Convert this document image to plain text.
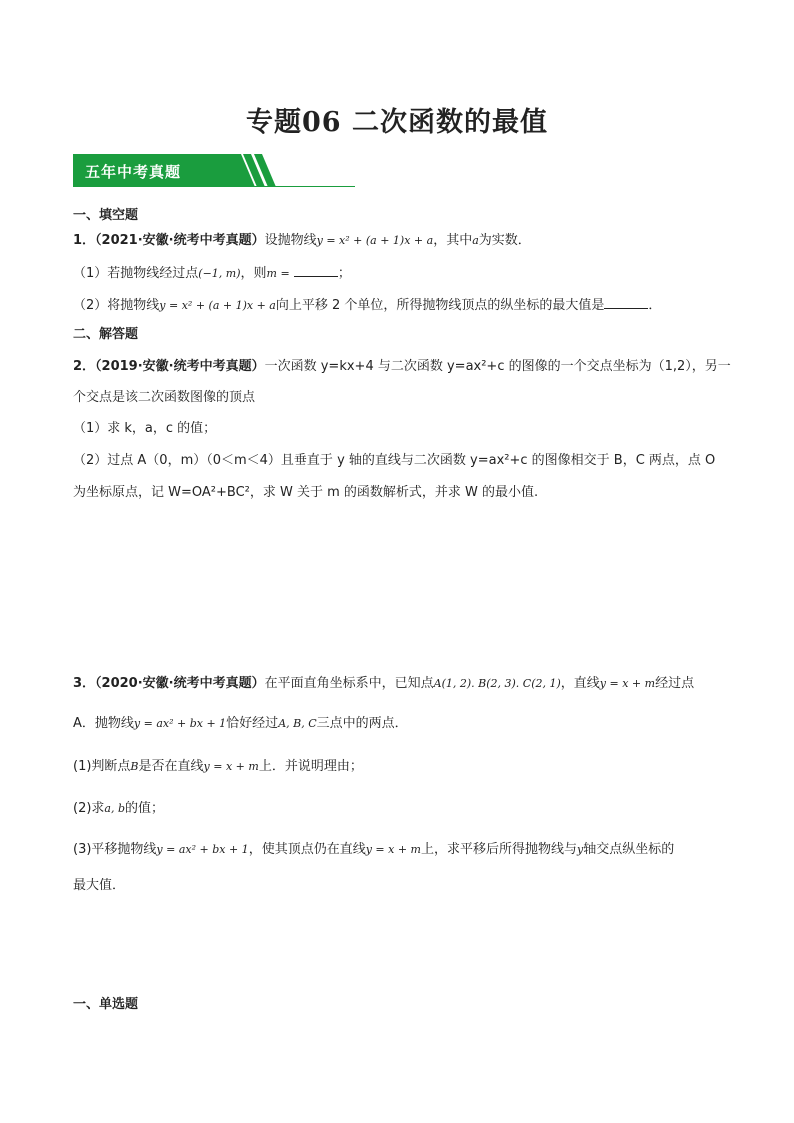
专题06 二次函数的最值
五年中考真题
一、填空题
1．（2021·安徽·统考中考真题）设抛物线y = x² + (a + 1)x + a，其中a为实数．
（1）若抛物线经过点(−1, m)，则m =	；
（2）将抛物线y = x² + (a + 1)x + a向上平移 2 个单位，所得抛物线顶点的纵坐标的最大值是	．
二、解答题
2．（2019·安徽·统考中考真题）一次函数 y=kx+4 与二次函数 y=ax²+c 的图像的一个交点坐标为（1,2），另一
个交点是该二次函数图像的顶点
（1）求 k，a，c 的值；
（2）过点 A（0，m）（0＜m＜4）且垂直于 y 轴的直线与二次函数 y=ax²+c 的图像相交于 B，C 两点，点 O
为坐标原点，记 W=OA²+BC²，求 W 关于 m 的函数解析式，并求 W 的最小值.
3．（2020·安徽·统考中考真题）在平面直角坐标系中，已知点A(1, 2). B(2, 3). C(2, 1)，直线y = x + m经过点
A．抛物线y = ax² + bx + 1恰好经过A, B, C三点中的两点．
(1)判断点B是否在直线y = x + m上．并说明理由；
(2)求a, b的值；
(3)平移抛物线y = ax² + bx + 1，使其顶点仍在直线y = x + m上，求平移后所得抛物线与y轴交点纵坐标的
最大值．
一、单选题
